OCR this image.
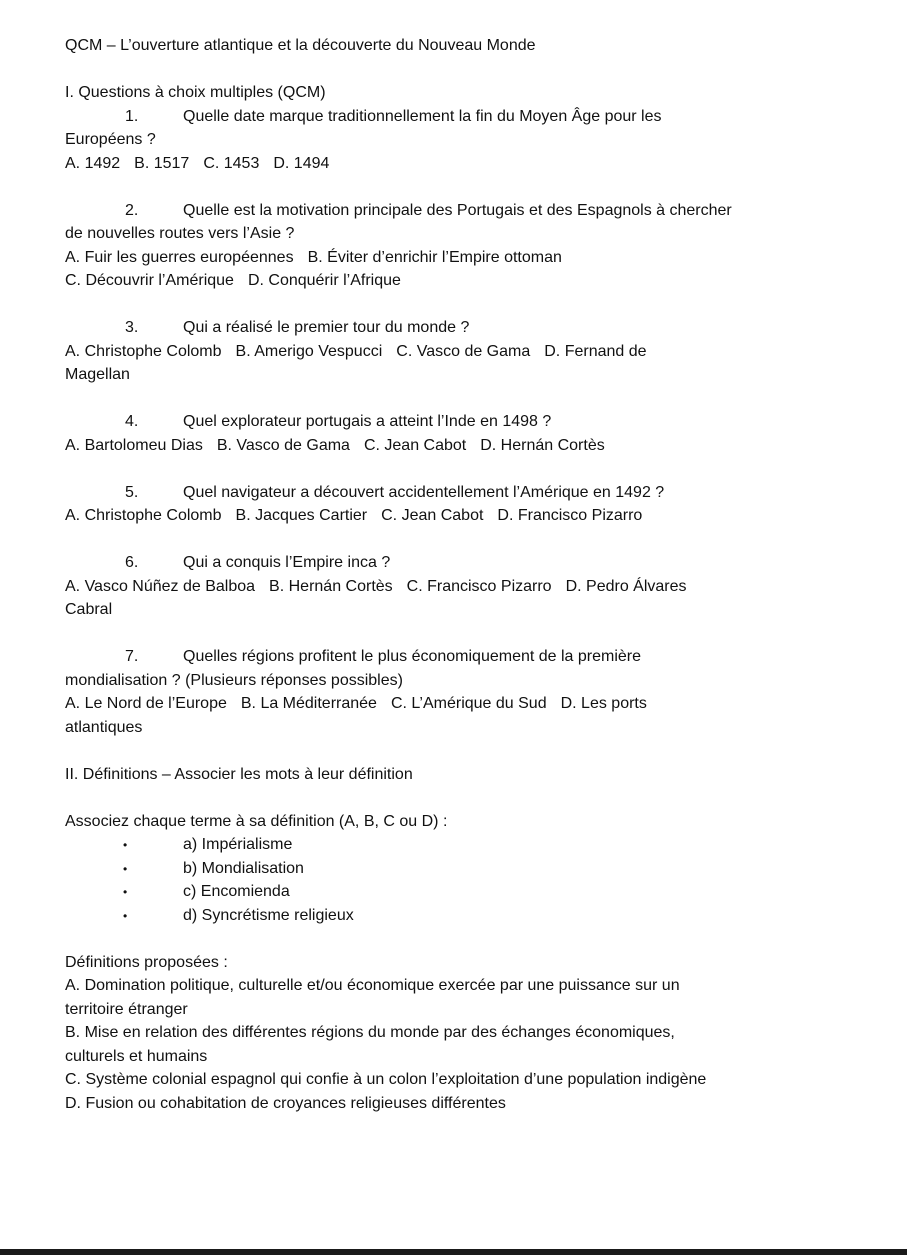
QCM – L’ouverture atlantique et la découverte du Nouveau Monde
I. Questions à choix multiples (QCM)
1.	Quelle date marque traditionnellement la fin du Moyen Âge pour les
Européens ?
A. 1492 B. 1517 C. 1453 D. 1494
2.	Quelle est la motivation principale des Portugais et des Espagnols à chercher
de nouvelles routes vers l’Asie ?
A. Fuir les guerres européennes B. Éviter d’enrichir l’Empire ottoman
C. Découvrir l’Amérique D. Conquérir l’Afrique
3.	Qui a réalisé le premier tour du monde ?
A. Christophe Colomb B. Amerigo Vespucci C. Vasco de Gama D. Fernand de
Magellan
4.	Quel explorateur portugais a atteint l’Inde en 1498 ?
A. Bartolomeu Dias B. Vasco de Gama C. Jean Cabot D. Hernán Cortès
5.	Quel navigateur a découvert accidentellement l’Amérique en 1492 ?
A. Christophe Colomb B. Jacques Cartier C. Jean Cabot D. Francisco Pizarro
6.	Qui a conquis l’Empire inca ?
A. Vasco Núñez de Balboa B. Hernán Cortès C. Francisco Pizarro D. Pedro Álvares
Cabral
7.	Quelles régions profitent le plus économiquement de la première
mondialisation ? (Plusieurs réponses possibles)
A. Le Nord de l’Europe B. La Méditerranée C. L’Amérique du Sud D. Les ports
atlantiques
II. Définitions – Associer les mots à leur définition
Associez chaque terme à sa définition (A, B, C ou D) :
•	a) Impérialisme
•	b) Mondialisation
•	c) Encomienda
•	d) Syncrétisme religieux
Définitions proposées :
A. Domination politique, culturelle et/ou économique exercée par une puissance sur un
territoire étranger
B. Mise en relation des différentes régions du monde par des échanges économiques,
culturels et humains
C. Système colonial espagnol qui confie à un colon l’exploitation d’une population indigène
D. Fusion ou cohabitation de croyances religieuses différentes
